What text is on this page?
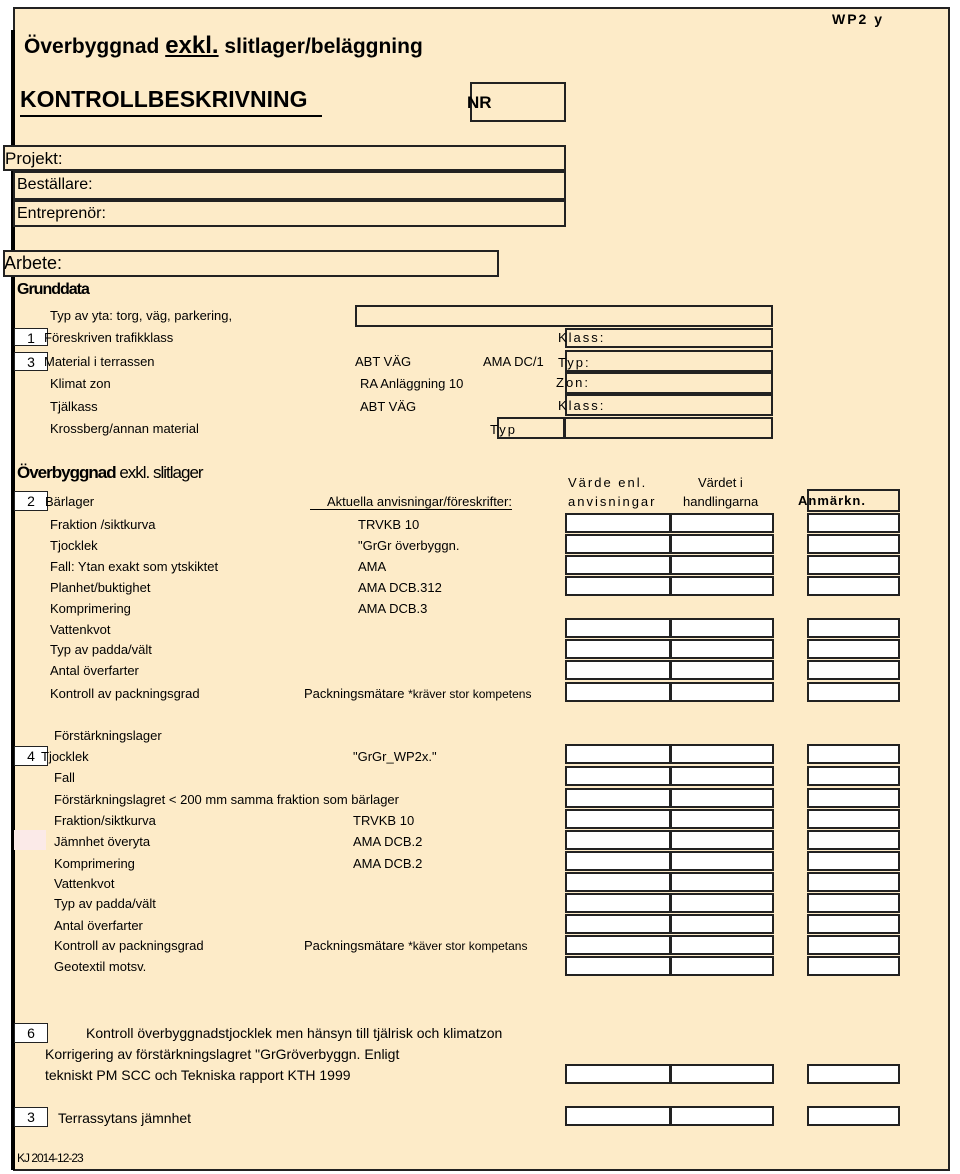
WP2 y
Överbyggnad exkl. slitlager/beläggning
KONTROLLBESKRIVNING	NR
Projekt:
Beställare:
Entreprenör:
Arbete:
Grunddata
Typ av yta: torg, väg, parkering,
1 Föreskriven trafikklass	Klass:
3 Material i terrassen	ABT VÄG	AMA DC/1 Typ:
Klimat zon	RA Anläggning 10	Zon:
Tjälkass	ABT VÄG	Klass:
Krossberg/annan material	Typ
Överbyggnad exkl. slitlager
Värde enl.
anvisningar
Värdet i
handlingarna	Anmärkn.
2 Bärlager	Aktuella anvisningar/föreskrifter:
Fraktion /siktkurva	TRVKB 10
Tjocklek	"GrGr överbyggn.
Fall: Ytan exakt som ytskiktet	AMA
Planhet/buktighet	AMA DCB.312
Komprimering	AMA DCB.3
Vattenkvot
Typ av padda/vält
Antal överfarter
Kontroll av packningsgrad	Packningsmätare *kräver stor kompetens
Förstärkningslager
4 Tjocklek	"GrGr_WP2x."
Fall
Förstärkningslagret < 200 mm samma fraktion som bärlager
Fraktion/siktkurva	TRVKB 10
Jämnhet överyta	AMA DCB.2
Komprimering	AMA DCB.2
Vattenkvot
Typ av padda/vält
Antal överfarter
Kontroll av packningsgrad	Packningsmätare *käver stor kompetans
Geotextil motsv.
6	Kontroll överbyggnadstjocklek men hänsyn till tjälrisk och klimatzon
Korrigering av förstärkningslagret "GrGröverbyggn. Enligt
tekniskt PM SCC och Tekniska rapport KTH 1999
3	Terrassytans jämnhet
KJ 2014-12-23
